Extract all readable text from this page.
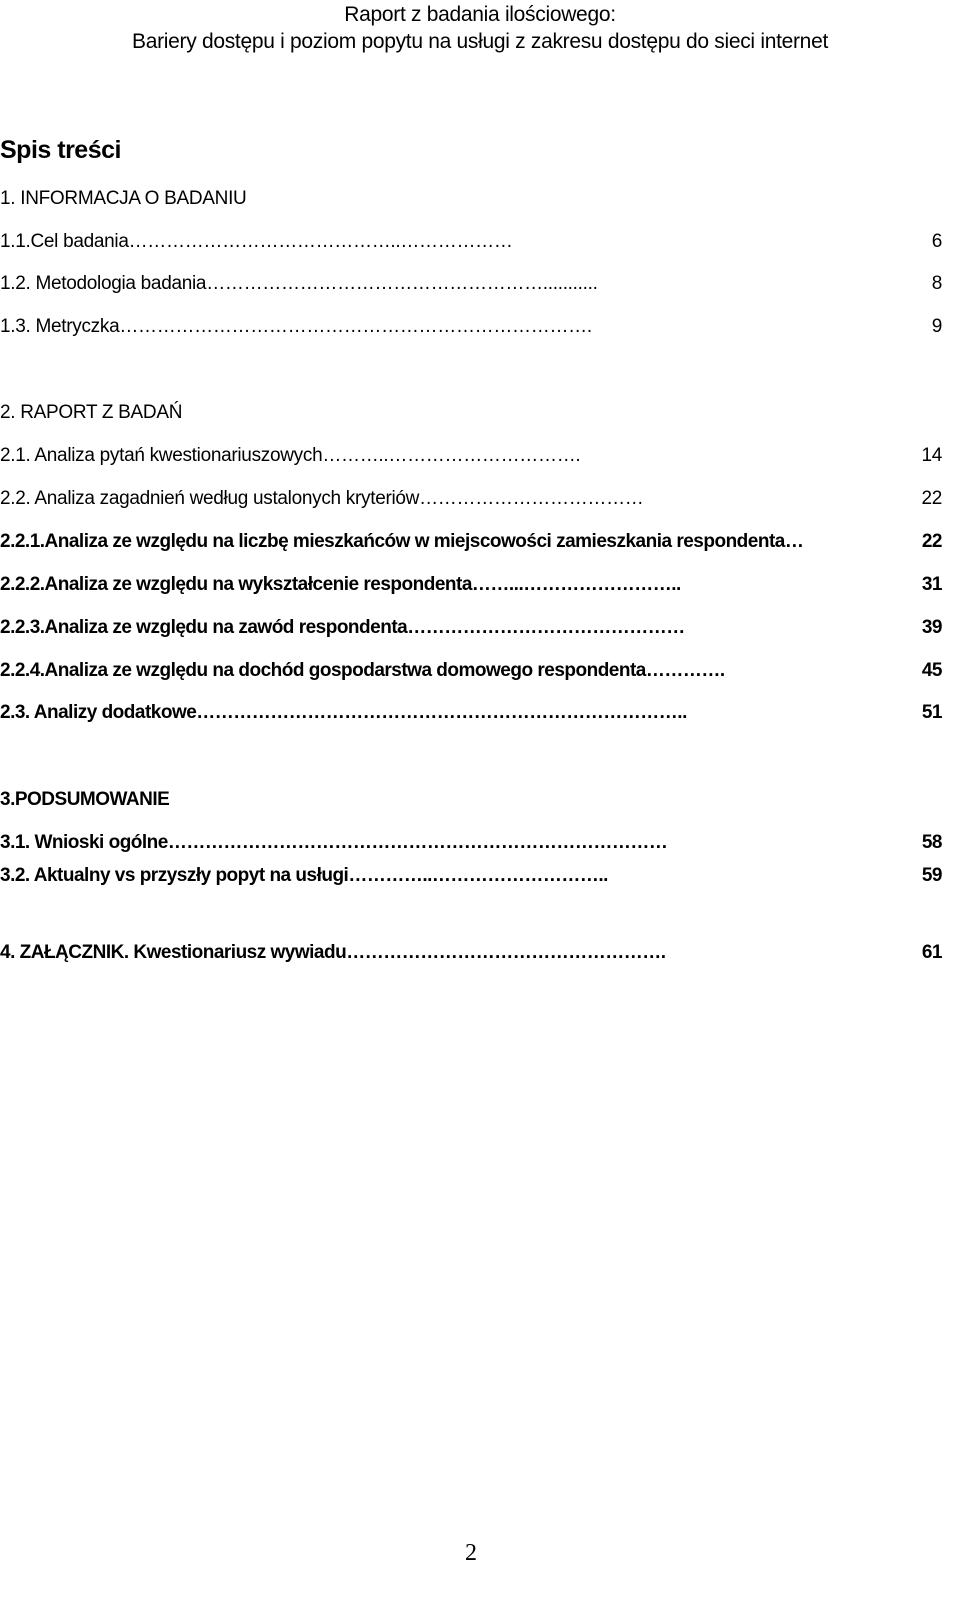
Raport z badania ilościowego:
Bariery dostępu i poziom popytu na usługi z zakresu dostępu do sieci internet
Spis treści
1. INFORMACJA O BADANIU
1.1.Cel badania……………………………………..………………	6
1.2. Metodologia badania………………………………………………...........	8
1.3. Metryczka………………………………………………………………….	9
2. RAPORT Z BADAŃ
2.1. Analiza pytań kwestionariuszowych………..………………………….	14
2.2. Analiza zagadnień według ustalonych kryteriów………………………………	22
2.2.1.Analiza ze względu na liczbę mieszkańców w miejscowości zamieszkania respondenta…	22
2.2.2.Analiza ze względu na wykształcenie respondenta……...……………………..	31
2.2.3.Analiza ze względu na zawód respondenta………………………………………	39
2.2.4.Analiza ze względu na dochód gospodarstwa domowego respondenta………….	45
2.3. Analizy dodatkowe……………………………………………………………………..	51
3.PODSUMOWANIE
3.1. Wnioski ogólne………………………………………………………………………	58
3.2. Aktualny vs przyszły popyt na usługi…………..………………………..	59
4. ZAŁĄCZNIK. Kwestionariusz wywiadu…………………………………………….	61
2
